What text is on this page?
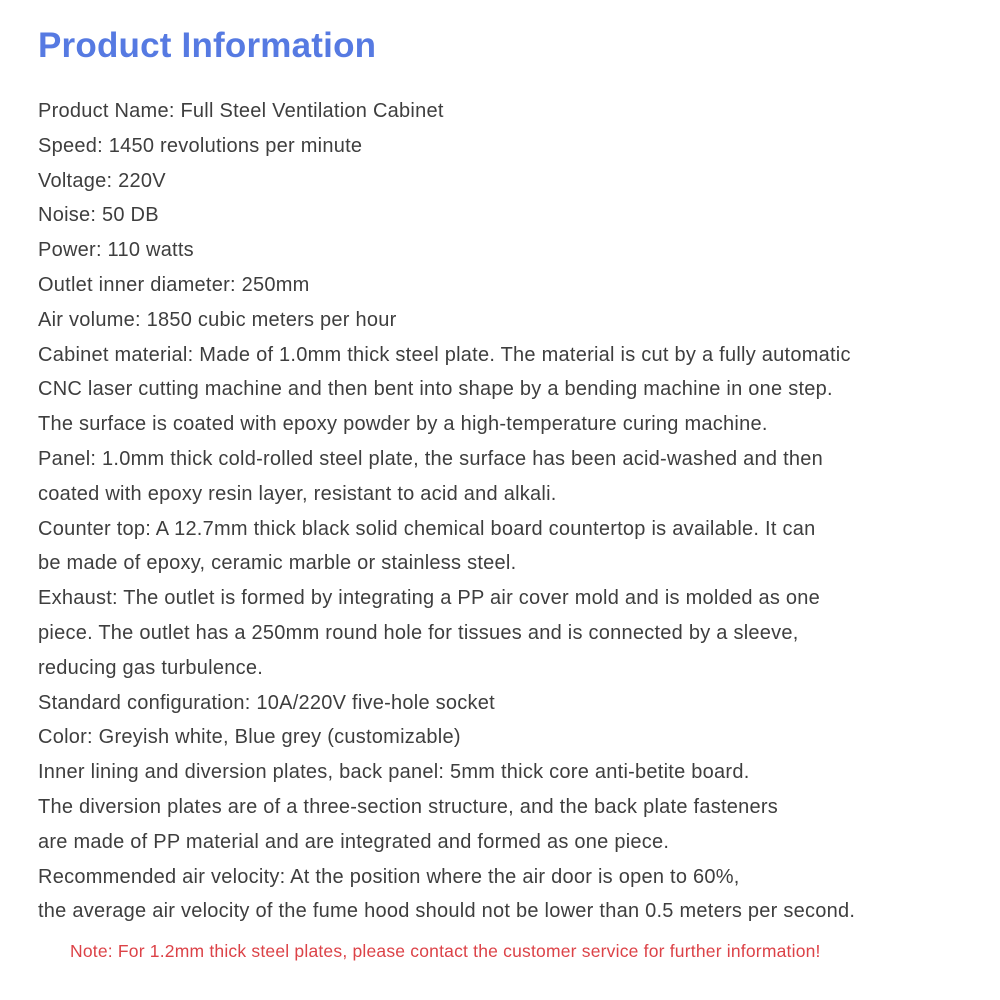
Product Information
Product Name: Full Steel Ventilation Cabinet
Speed: 1450 revolutions per minute
Voltage: 220V
Noise: 50 DB
Power: 110 watts
Outlet inner diameter: 250mm
Air volume: 1850 cubic meters per hour
Cabinet material: Made of 1.0mm thick steel plate. The material is cut by a fully automatic
CNC laser cutting machine and then bent into shape by a bending machine in one step.
The surface is coated with epoxy powder by a high-temperature curing machine.
Panel: 1.0mm thick cold-rolled steel plate, the surface has been acid-washed and then
coated with epoxy resin layer, resistant to acid and alkali.
Counter top: A 12.7mm thick black solid chemical board countertop is available. It can
be made of epoxy, ceramic marble or stainless steel.
Exhaust: The outlet is formed by integrating a PP air cover mold and is molded as one
piece. The outlet has a 250mm round hole for tissues and is connected by a sleeve,
reducing gas turbulence.
Standard configuration: 10A/220V five-hole socket
Color: Greyish white, Blue grey (customizable)
Inner lining and diversion plates, back panel: 5mm thick core anti-betite board.
The diversion plates are of a three-section structure, and the back plate fasteners
are made of PP material and are integrated and formed as one piece.
Recommended air velocity: At the position where the air door is open to 60%,
the average air velocity of the fume hood should not be lower than 0.5 meters per second.
Note: For 1.2mm thick steel plates, please contact the customer service for further information!
